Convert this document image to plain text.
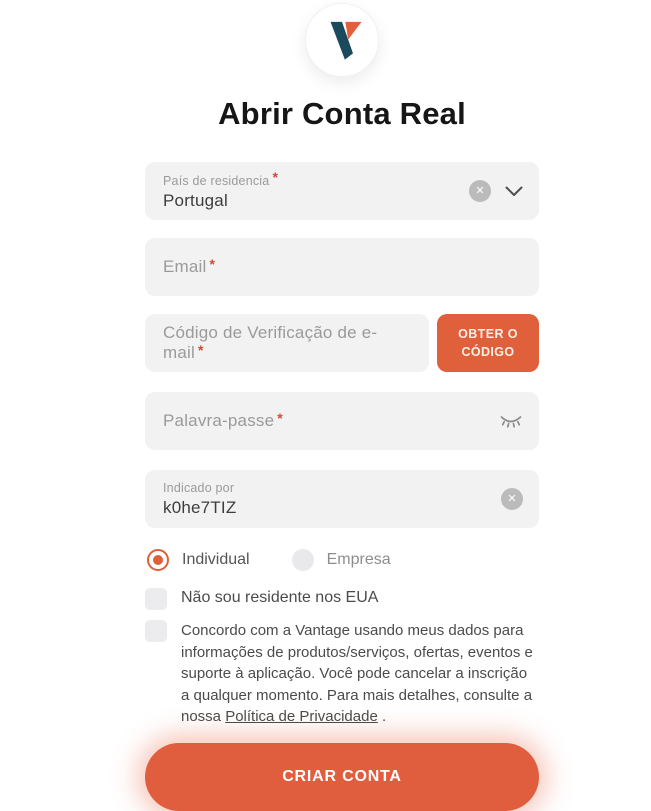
Abrir Conta Real
País de residencia *
Portugal	✕
Email *
Código de Verificação de e-mail *
OBTER O CÓDIGO
Palavra-passe *
Indicado por
k0he7TIZ	✕
Individual	Empresa
Não sou residente nos EUA
Concordo com a Vantage usando meus dados para informações de produtos/serviços, ofertas, eventos e suporte à aplicação. Você pode cancelar a inscrição a qualquer momento. Para mais detalhes, consulte a nossa Política de Privacidade .
CRIAR CONTA
